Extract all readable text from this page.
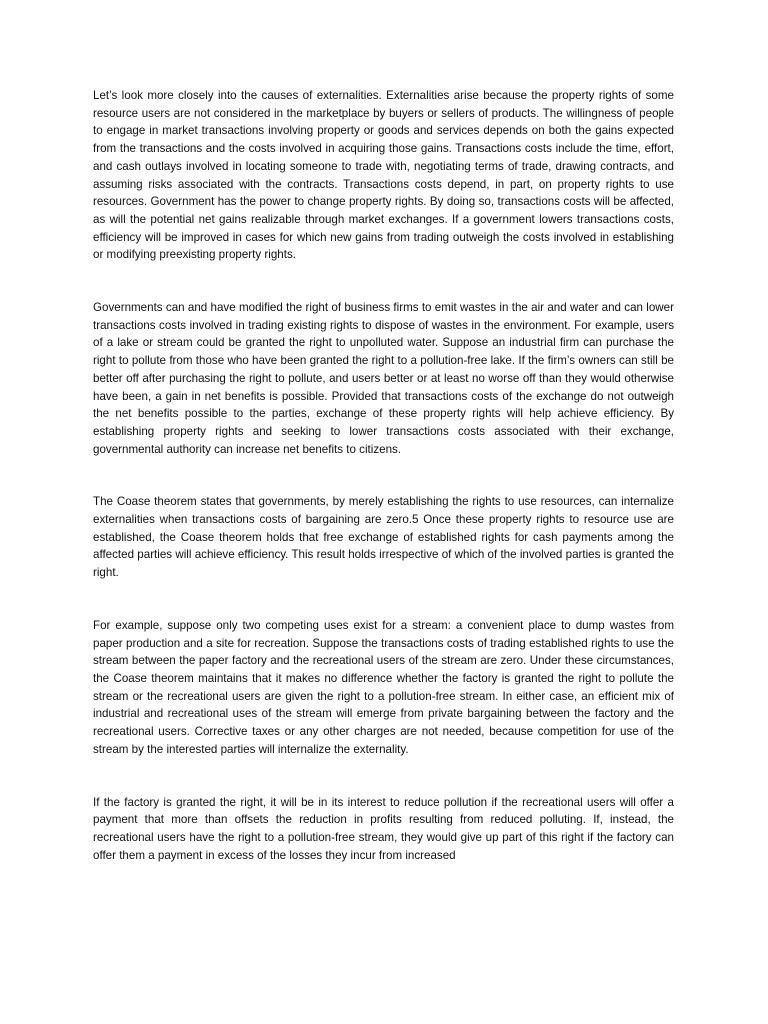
Let’s look more closely into the causes of externalities. Externalities arise because the property rights of some resource users are not considered in the marketplace by buyers or sellers of products. The willingness of people to engage in market transactions involving property or goods and services depends on both the gains expected from the transactions and the costs involved in acquiring those gains. Transactions costs include the time, effort, and cash outlays involved in locating someone to trade with, negotiating terms of trade, drawing contracts, and assuming risks associated with the contracts. Transactions costs depend, in part, on property rights to use resources. Government has the power to change property rights. By doing so, transactions costs will be affected, as will the potential net gains realizable through market exchanges. If a government lowers transactions costs, efficiency will be improved in cases for which new gains from trading outweigh the costs involved in establishing or modifying preexisting property rights.

Governments can and have modified the right of business firms to emit wastes in the air and water and can lower transactions costs involved in trading existing rights to dispose of wastes in the environment. For example, users of a lake or stream could be granted the right to unpolluted water. Suppose an industrial firm can purchase the right to pollute from those who have been granted the right to a pollution-free lake. If the firm’s owners can still be better off after purchasing the right to pollute, and users better or at least no worse off than they would otherwise have been, a gain in net benefits is possible. Provided that transactions costs of the exchange do not outweigh the net benefits possible to the parties, exchange of these property rights will help achieve efficiency. By establishing property rights and seeking to lower transactions costs associated with their exchange, governmental authority can increase net benefits to citizens.

The Coase theorem states that governments, by merely establishing the rights to use resources, can internalize externalities when transactions costs of bargaining are zero.5 Once these property rights to resource use are established, the Coase theorem holds that free exchange of established rights for cash payments among the affected parties will achieve efficiency. This result holds irrespective of which of the involved parties is granted the right.

For example, suppose only two competing uses exist for a stream: a convenient place to dump wastes from paper production and a site for recreation. Suppose the transactions costs of trading established rights to use the stream between the paper factory and the recreational users of the stream are zero. Under these circumstances, the Coase theorem maintains that it makes no difference whether the factory is granted the right to pollute the stream or the recreational users are given the right to a pollution-free stream. In either case, an efficient mix of industrial and recreational uses of the stream will emerge from private bargaining between the factory and the recreational users. Corrective taxes or any other charges are not needed, because competition for use of the stream by the interested parties will internalize the externality.

If the factory is granted the right, it will be in its interest to reduce pollution if the recreational users will offer a payment that more than offsets the reduction in profits resulting from reduced polluting. If, instead, the recreational users have the right to a pollution-free stream, they would give up part of this right if the factory can offer them a payment in excess of the losses they incur from increased
